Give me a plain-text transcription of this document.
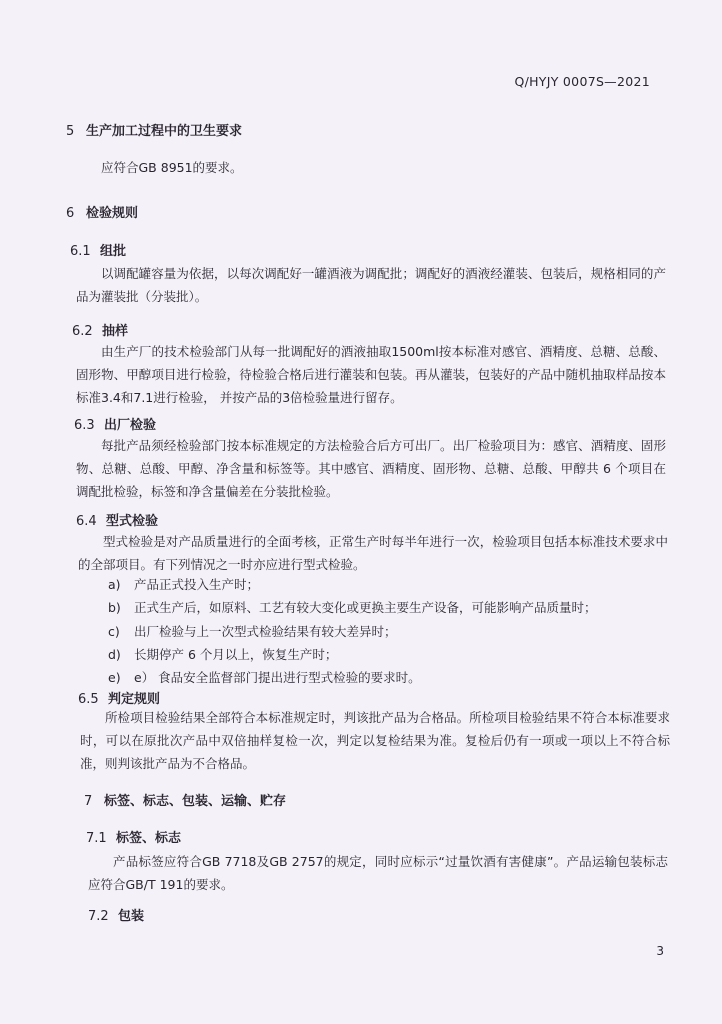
Q/HYJY 0007S—2021
5 生产加工过程中的卫生要求
应符合GB 8951的要求。
6 检验规则
6.1 组批
以调配罐容量为依据，以每次调配好一罐酒液为调配批；调配好的酒液经灌装、包装后，规格相同的产品为灌装批（分装批）。
6.2 抽样
由生产厂的技术检验部门从每一批调配好的酒液抽取1500ml按本标准对感官、酒精度、总糖、总酸、固形物、甲醇项目进行检验，待检验合格后进行灌装和包装。再从灌装，包装好的产品中随机抽取样品按本标准3.4和7.1进行检验， 并按产品的3倍检验量进行留存。
6.3 出厂检验
每批产品须经检验部门按本标准规定的方法检验合后方可出厂。出厂检验项目为：感官、酒精度、固形物、总糖、总酸、甲醇、净含量和标签等。其中感官、酒精度、固形物、总糖、总酸、甲醇共 6 个项目在调配批检验，标签和净含量偏差在分装批检验。
6.4 型式检验
型式检验是对产品质量进行的全面考核，正常生产时每半年进行一次，检验项目包括本标准技术要求中的全部项目。有下列情况之一时亦应进行型式检验。
a) 产品正式投入生产时；
b) 正式生产后，如原料、工艺有较大变化或更换主要生产设备，可能影响产品质量时；
c) 出厂检验与上一次型式检验结果有较大差异时；
d) 长期停产 6 个月以上，恢复生产时；
e) e） 食品安全监督部门提出进行型式检验的要求时。
6.5 判定规则
所检项目检验结果全部符合本标准规定时，判该批产品为合格品。所检项目检验结果不符合本标准要求时，可以在原批次产品中双倍抽样复检一次，判定以复检结果为准。复检后仍有一项或一项以上不符合标准，则判该批产品为不合格品。
7 标签、标志、包装、运输、贮存
7.1 标签、标志
产品标签应符合GB 7718及GB 2757的规定，同时应标示“过量饮酒有害健康”。产品运输包装标志应符合GB/T 191的要求。
7.2 包装
3
